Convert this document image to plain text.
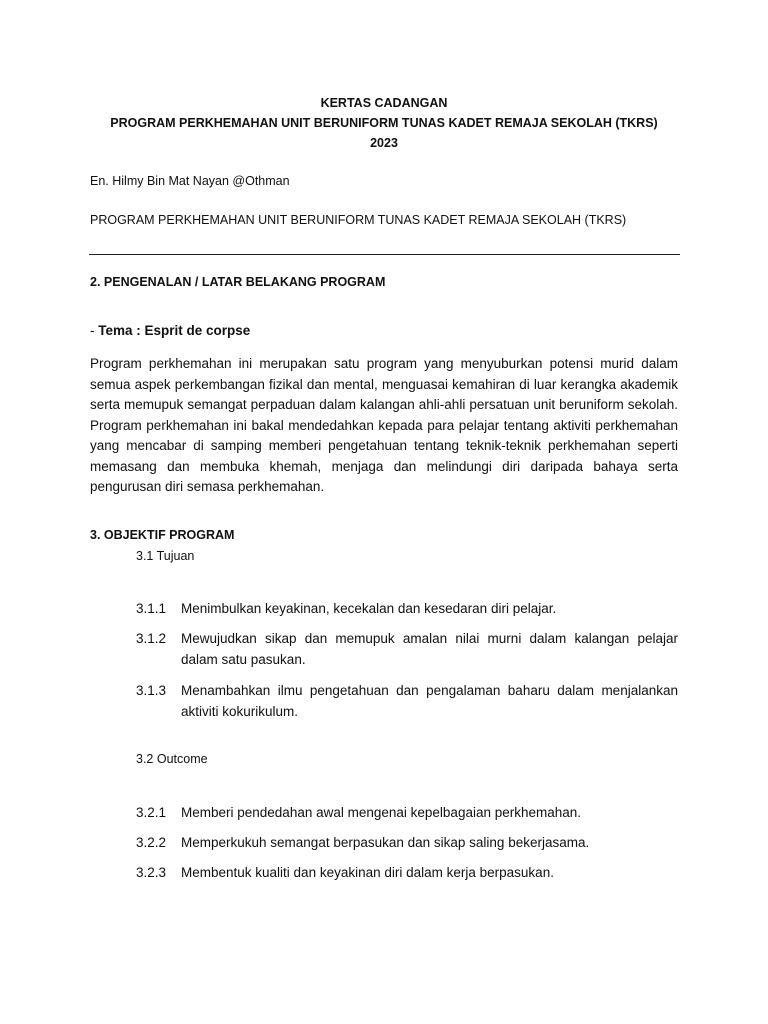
KERTAS CADANGAN
PROGRAM PERKHEMAHAN UNIT BERUNIFORM TUNAS KADET REMAJA SEKOLAH (TKRS)
2023
En. Hilmy Bin Mat Nayan @Othman
PROGRAM PERKHEMAHAN UNIT BERUNIFORM TUNAS KADET REMAJA SEKOLAH (TKRS)
2. PENGENALAN / LATAR BELAKANG PROGRAM
- Tema : Esprit de corpse
Program perkhemahan ini merupakan satu program yang menyuburkan potensi murid dalam semua aspek perkembangan fizikal dan mental, menguasai kemahiran di luar kerangka akademik serta memupuk semangat perpaduan dalam kalangan ahli-ahli persatuan unit beruniform sekolah. Program perkhemahan ini bakal mendedahkan kepada para pelajar tentang aktiviti perkhemahan yang mencabar di samping memberi pengetahuan tentang teknik-teknik perkhemahan seperti memasang dan membuka khemah, menjaga dan melindungi diri daripada bahaya serta pengurusan diri semasa perkhemahan.
3. OBJEKTIF PROGRAM
3.1 Tujuan
3.1.1	Menimbulkan keyakinan, kecekalan dan kesedaran diri pelajar.
3.1.2	Mewujudkan sikap dan memupuk amalan nilai murni dalam kalangan pelajar dalam satu pasukan.
3.1.3	Menambahkan ilmu pengetahuan dan pengalaman baharu dalam menjalankan aktiviti kokurikulum.
3.2 Outcome
3.2.1	Memberi pendedahan awal mengenai kepelbagaian perkhemahan.
3.2.2	Memperkukuh semangat berpasukan dan sikap saling bekerjasama.
3.2.3	Membentuk kualiti dan keyakinan diri dalam kerja berpasukan.
